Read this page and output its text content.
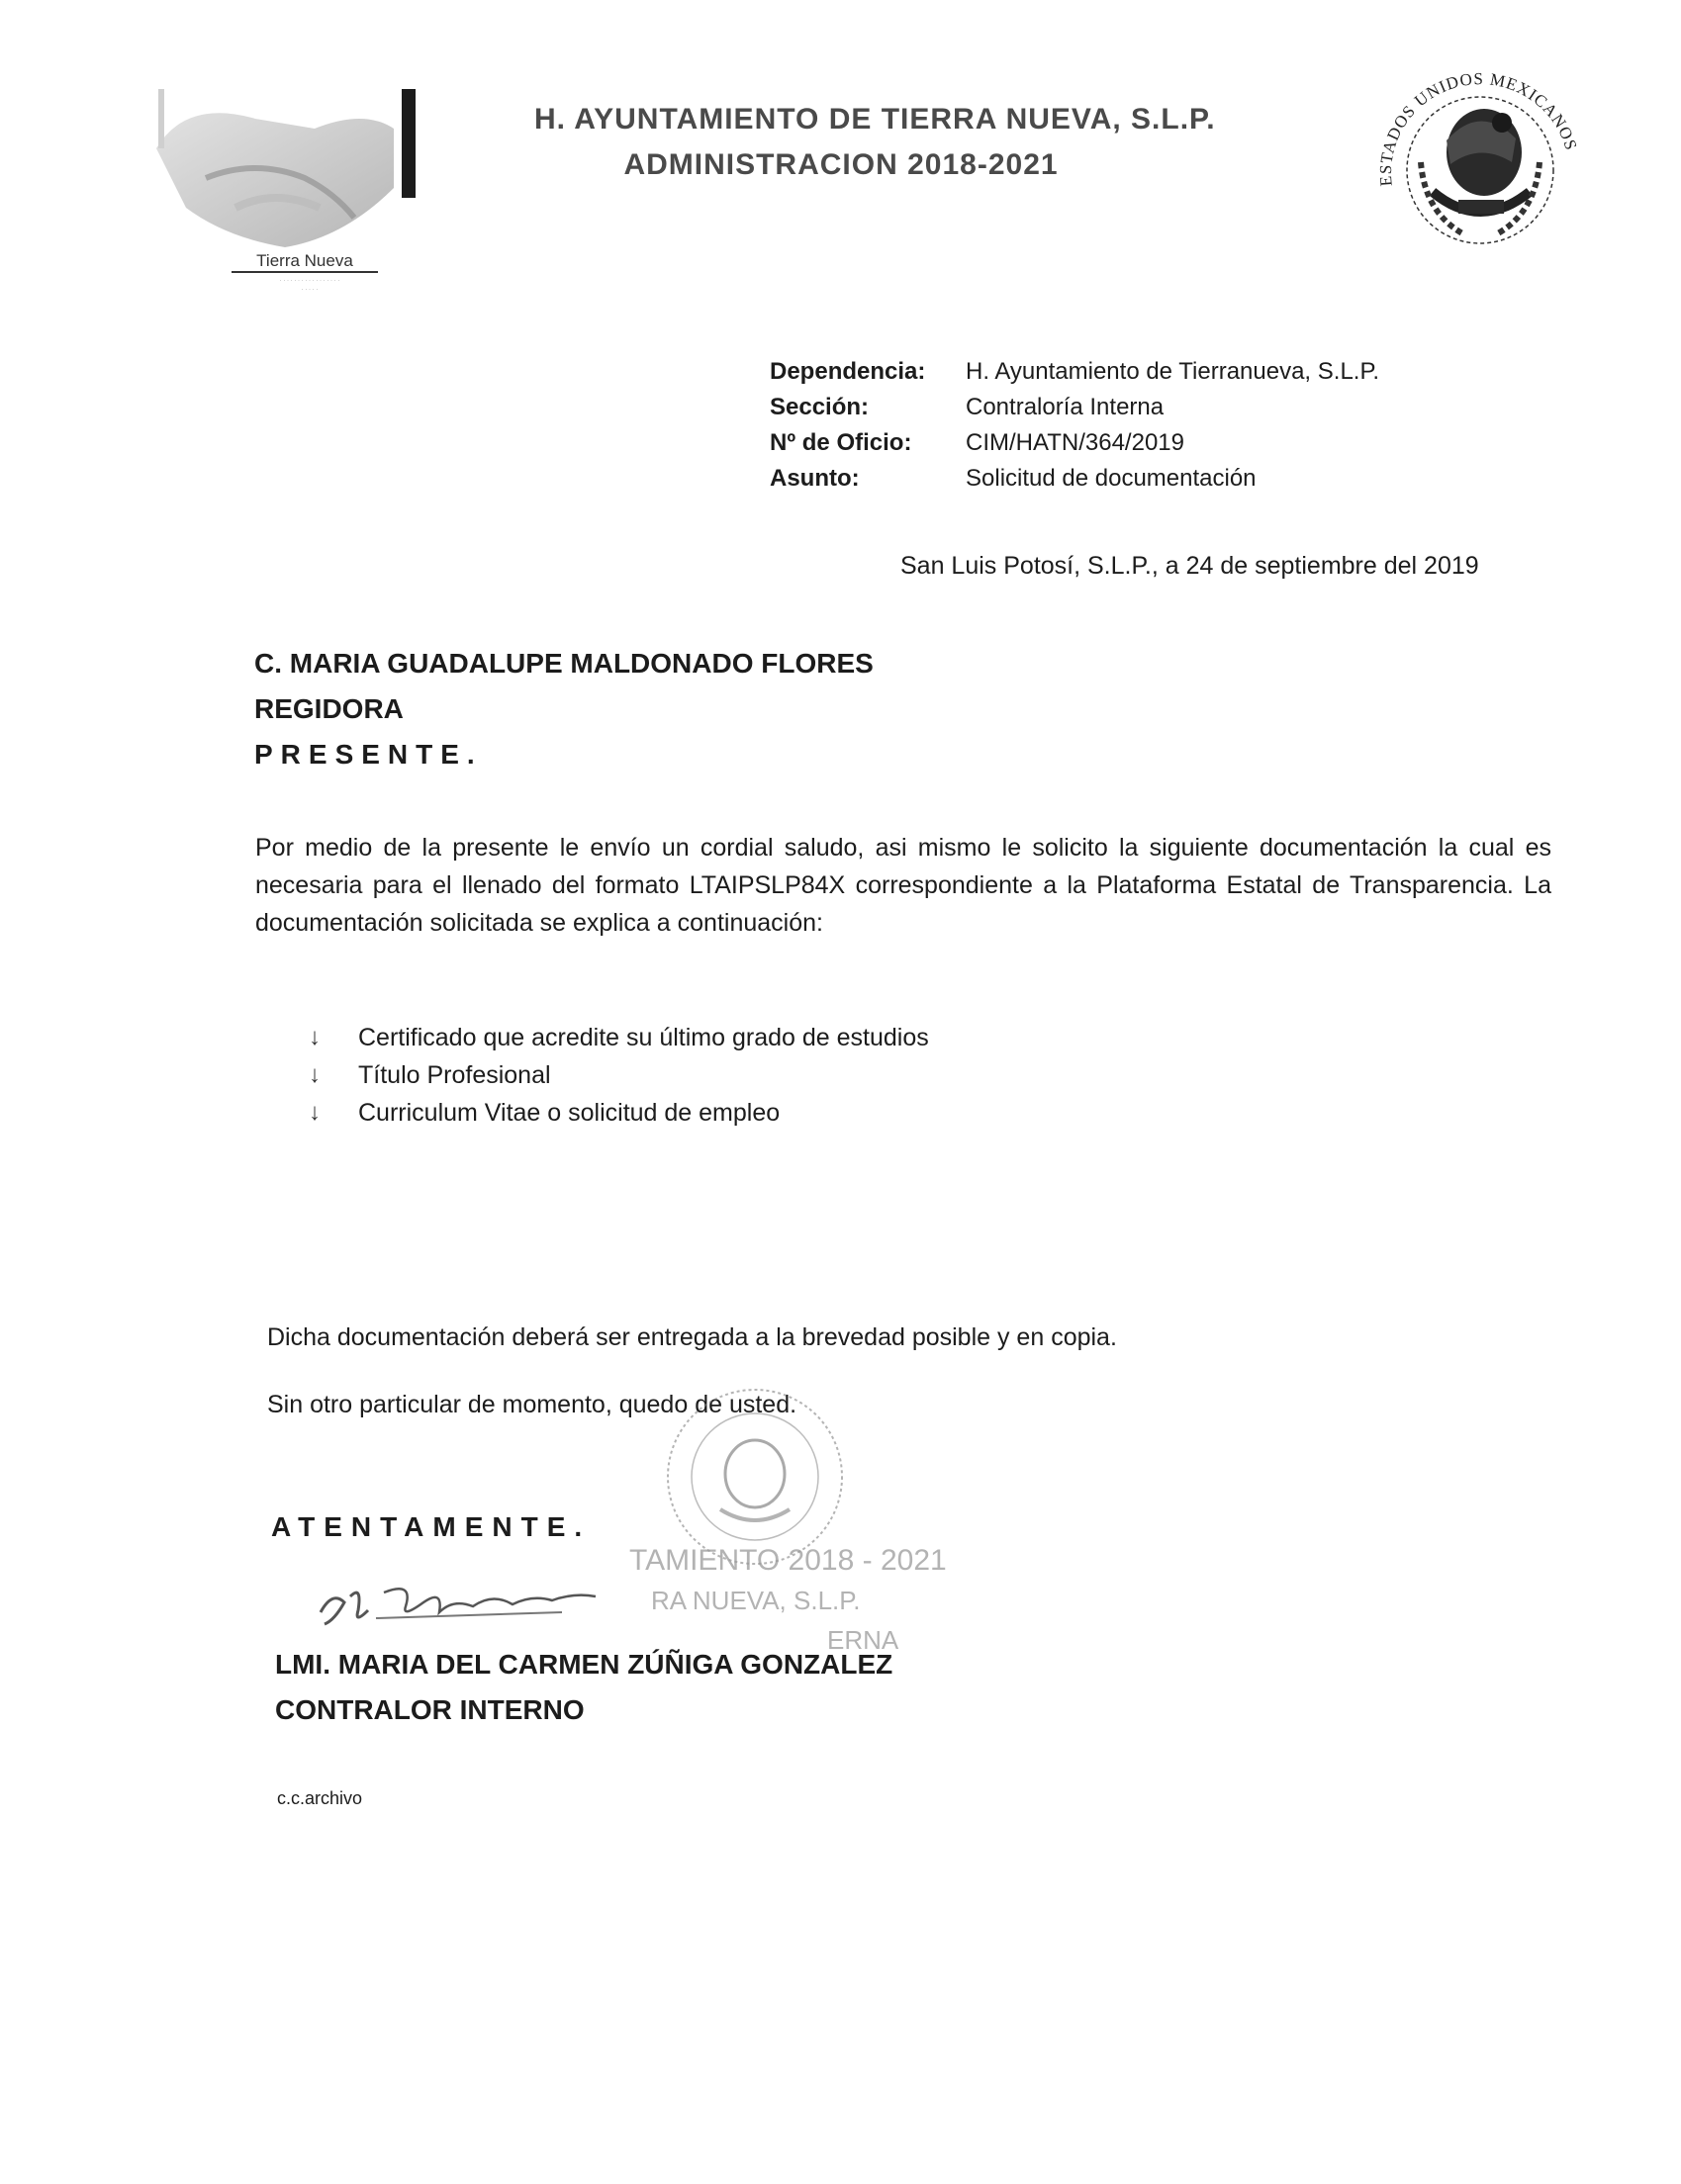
Tierra Nueva
· · · · · · · · · · · · · · · · ·
· · · · ·
H. AYUNTAMIENTO DE TIERRA NUEVA, S.L.P.
ADMINISTRACION 2018-2021	ESTADOS UNIDOS MEXICANOS
Dependencia:	H. Ayuntamiento de Tierranueva, S.L.P.
Sección:	Contraloría Interna
Nº de Oficio:	CIM/HATN/364/2019
Asunto:	Solicitud de documentación
San Luis Potosí, S.L.P., a 24 de septiembre del 2019
C. MARIA GUADALUPE MALDONADO FLORES
REGIDORA
PRESENTE.
Por medio de la presente le envío un cordial saludo, asi mismo le solicito la siguiente documentación la cual es necesaria para el llenado del formato LTAIPSLP84X correspondiente a la Plataforma Estatal de Transparencia. La documentación solicitada se explica a continuación:
↓	Certificado que acredite su último grado de estudios
↓	Título Profesional
↓	Curriculum Vitae o solicitud de empleo
Dicha documentación deberá ser entregada a la brevedad posible y en copia.
Sin otro particular de momento, quedo de usted.
ATENTAMENTE.
TAMIENTO 2018 - 2021
RA NUEVA, S.L.P.
ERNA
LMI. MARIA DEL CARMEN ZÚÑIGA GONZALEZ
CONTRALOR INTERNO
c.c.archivo
